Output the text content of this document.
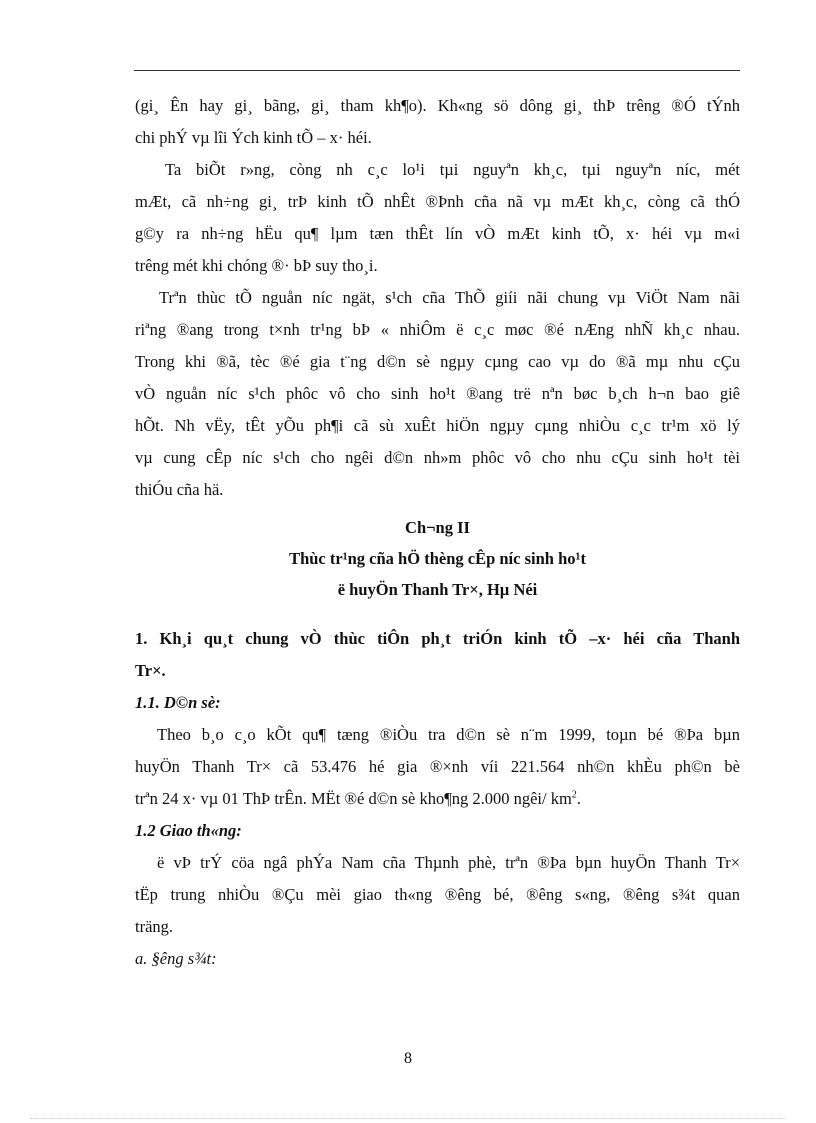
(gi¸ Ên hay gi¸ bãng, gi¸ tham kh¶o). Kh«ng sö dông gi¸ thÞ trêng ®Ó tÝnh
chi phÝ vµ lîi Ých kinh tÕ – x· héi.

Ta biÕt r»ng, còng nh c¸c lo¹i tµi nguyªn kh¸c, tµi nguyªn níc, mét
mÆt, cã nh÷ng gi¸ trÞ kinh tÕ nhÊt ®Þnh cña nã vµ mÆt kh¸c, còng cã thÓ
g©y ra nh÷ng hËu qu¶ lµm tæn thÊt lín vÒ mÆt kinh tÕ, x· héi vµ m«i
trêng mét khi chóng ®· bÞ suy tho¸i.

Trªn thùc tÕ nguån níc ngät, s¹ch cña ThÕ giíi nãi chung vµ ViÖt Nam nãi
riªng ®ang trong t×nh tr¹ng bÞ « nhiÔm ë c¸c møc ®é nÆng nhÑ kh¸c nhau.
Trong khi ®ã, tèc ®é gia t¨ng d©n sè ngµy cµng cao vµ do ®ã mµ nhu cÇu
vÒ nguån níc s¹ch phôc vô cho sinh ho¹t ®ang trë nªn bøc b¸ch h¬n bao giê
hÕt. Nh vËy, tÊt yÕu ph¶i cã sù xuÊt hiÖn ngµy cµng nhiÒu c¸c tr¹m xö lý
vµ cung cÊp níc s¹ch cho ngêi d©n nh»m phôc vô cho nhu cÇu sinh ho¹t tèi
thiÓu cña hä.

Ch¬ng II

Thùc tr¹ng cña hÖ thèng cÊp níc sinh ho¹t

ë huyÖn Thanh Tr×, Hµ Néi

1. Kh¸i qu¸t chung vÒ thùc tiÔn ph¸t triÓn kinh tÕ –x· héi cña Thanh
Tr×.

1.1. D©n sè:

Theo b¸o c¸o kÕt qu¶ tæng ®iÒu tra d©n sè n¨m 1999, toµn bé ®Þa bµn
huyÖn Thanh Tr× cã 53.476 hé gia ®×nh víi 221.564 nh©n khÈu ph©n bè
trªn 24 x· vµ 01 ThÞ trÊn. MËt ®é d©n sè kho¶ng 2.000 ngêi/ $km^2$.

1.2 Giao th«ng:

ë vÞ trÝ cöa ngâ phÝa Nam cña Thµnh phè, trªn ®Þa bµn huyÖn Thanh Tr×
tËp trung nhiÒu ®Çu mèi giao th«ng ®êng bé, ®êng s«ng, ®êng s¾t quan
träng.

a. §êng s¾t:

8
